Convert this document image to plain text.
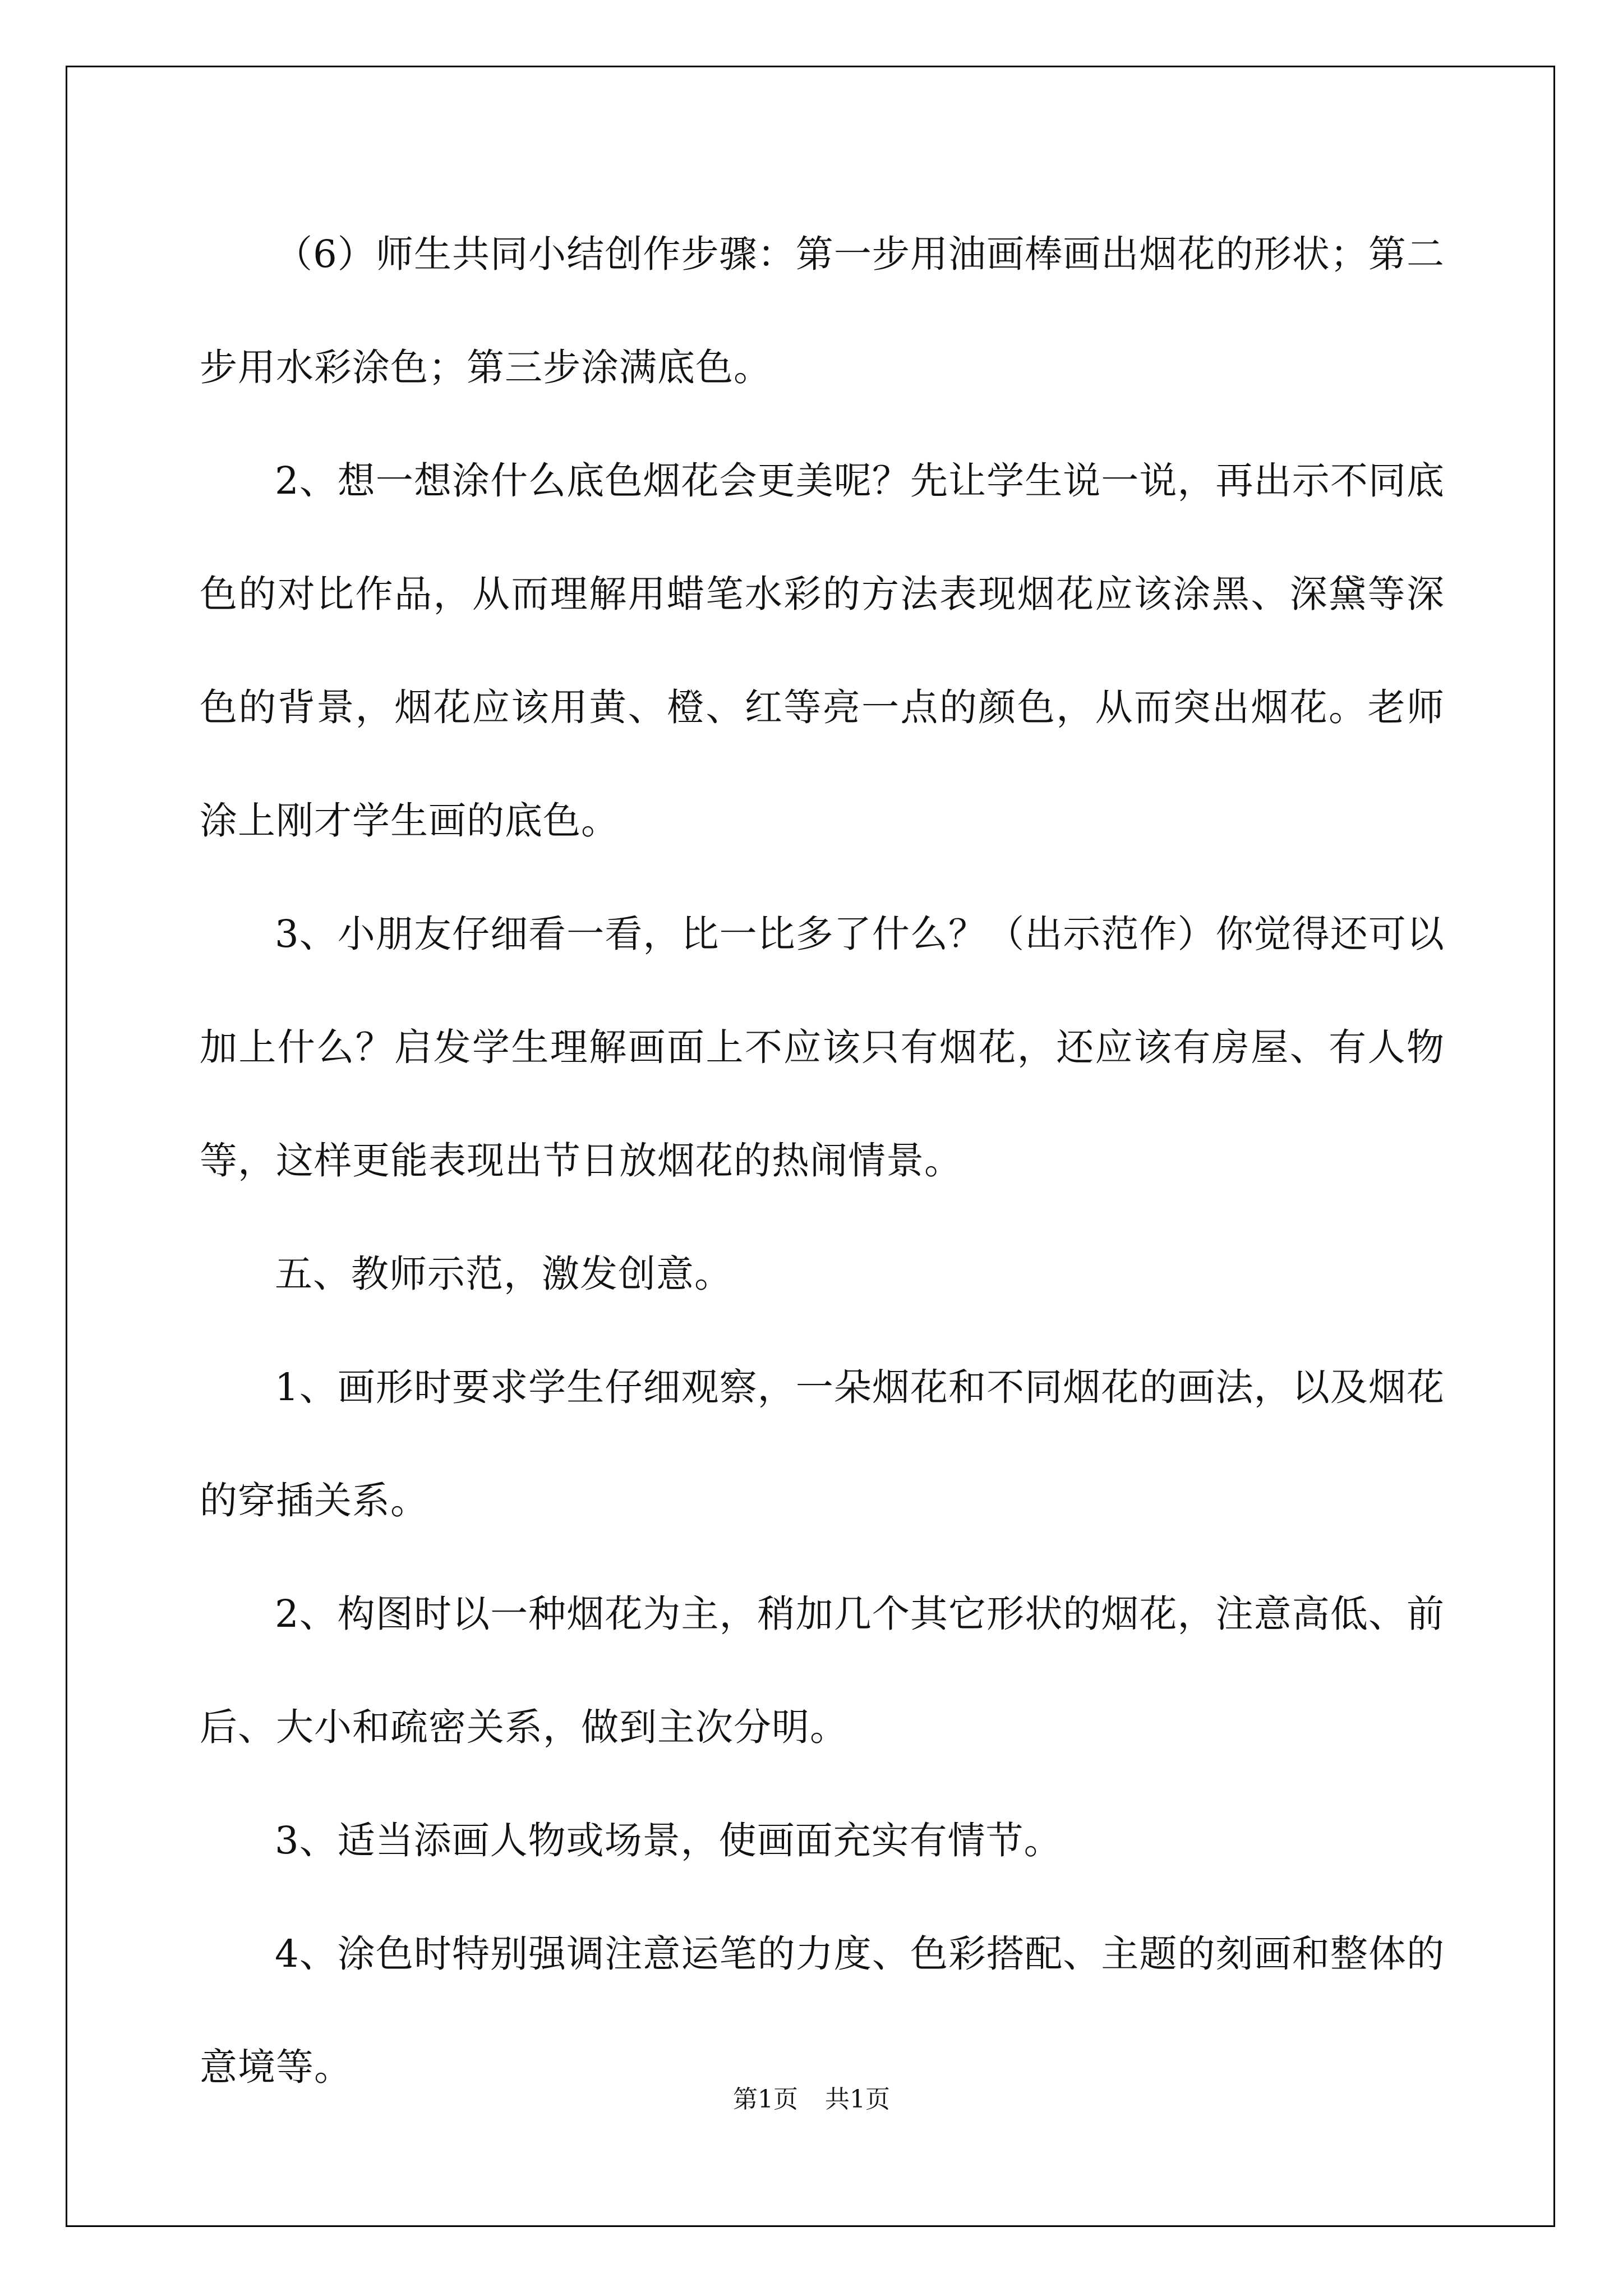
（6）师生共同小结创作步骤：第一步用油画棒画出烟花的形状；第二步用水彩涂色；第三步涂满底色。

2、想一想涂什么底色烟花会更美呢？先让学生说一说，再出示不同底色的对比作品，从而理解用蜡笔水彩的方法表现烟花应该涂黑、深黛等深色的背景，烟花应该用黄、橙、红等亮一点的颜色，从而突出烟花。老师涂上刚才学生画的底色。

3、小朋友仔细看一看，比一比多了什么？（出示范作）你觉得还可以加上什么？启发学生理解画面上不应该只有烟花，还应该有房屋、有人物等，这样更能表现出节日放烟花的热闹情景。

五、教师示范，激发创意。

1、画形时要求学生仔细观察，一朵烟花和不同烟花的画法，以及烟花的穿插关系。

2、构图时以一种烟花为主，稍加几个其它形状的烟花，注意高低、前后、大小和疏密关系，做到主次分明。

3、适当添画人物或场景，使画面充实有情节。

4、涂色时特别强调注意运笔的力度、色彩搭配、主题的刻画和整体的意境等。

第1页 共1页
